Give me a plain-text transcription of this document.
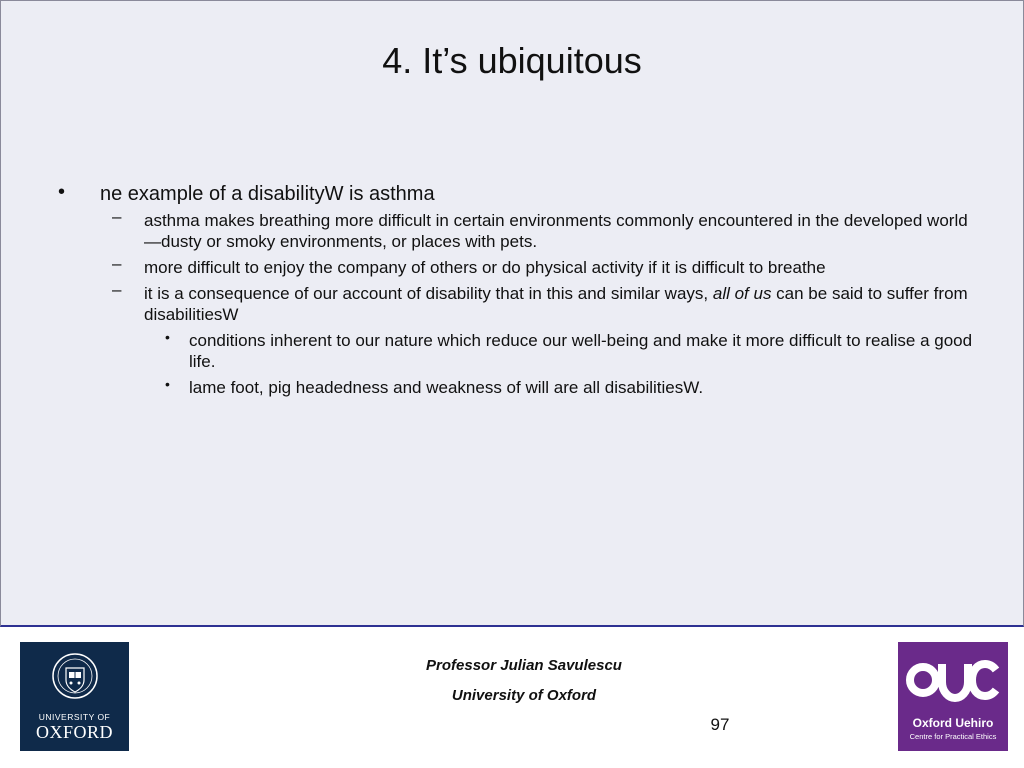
4. It’s ubiquitous
• ne example of a disabilityW is asthma
– asthma makes breathing more difficult in certain environments commonly encountered in the developed world—dusty or smoky environments, or places with pets.
– more difficult to enjoy the company of others or do physical activity if it is difficult to breathe
– it is a consequence of our account of disability that in this and similar ways, all of us can be said to suffer from disabilitiesW
• conditions inherent to our nature which reduce our well-being and make it more difficult to realise a good life.
• lame foot, pig headedness and weakness of will are all disabilitiesW.
UNIVERSITY OF
OXFORD
Professor Julian Savulescu
University of Oxford
97	Oxford Uehiro
Centre for Practical Ethics
